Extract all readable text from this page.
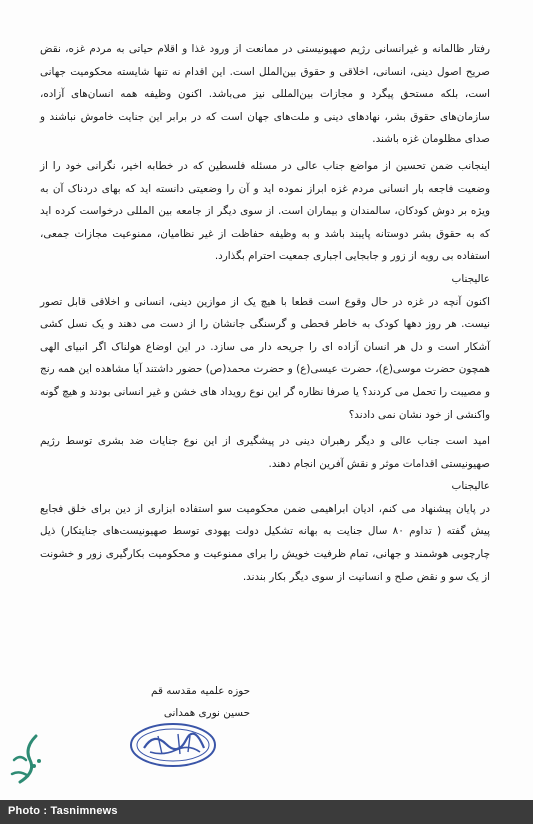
رفتار ظالمانه و غیرانسانی رژیم صهیونیستی در ممانعت از ورود غذا و اقلام حیاتی به مردم غزه، نقض صریح اصول دینی، انسانی، اخلاقی و حقوق بین‌الملل است. این اقدام نه تنها شایسته محکومیت جهانی است، بلکه مستحق پیگرد و مجازات بین‌المللی نیز می‌باشد. اکنون وظیفه همه انسان‌های آزاده، سازمان‌های حقوق بشر، نهادهای دینی و ملت‌های جهان است که در برابر این جنایت خاموش نباشند و صدای مظلومان غزه باشند.

اینجانب ضمن تحسین از مواضع جناب عالی در مسئله فلسطین که در خطابه اخیر، نگرانی خود را از وضعیت فاجعه بار انسانی مردم غزه ابراز نموده اید و آن را وضعیتی دانسته اید که بهای دردناک آن به ویژه بر دوش کودکان، سالمندان و بیماران است. از سوی دیگر از جامعه بین المللی درخواست کرده اید که به حقوق بشر دوستانه پایبند باشد و به وظیفه حفاظت از غیر نظامیان، ممنوعیت مجازات جمعی، استفاده بی رویه از زور و جابجایی اجباری جمعیت احترام بگذارد.

عالیجناب

اکنون آنچه در غزه در حال وقوع است قطعا با هیچ یک از موازین دینی، انسانی و اخلاقی قابل تصور نیست. هر روز دهها کودک به خاطر قحطی و گرسنگی جانشان را از دست می دهند و یک نسل کشی آشکار است و دل هر انسان آزاده ای را جریحه دار می سازد. در این اوضاع هولناک اگر انبیای الهی همچون حضرت موسی(ع)، حضرت عیسی(ع) و حضرت محمد(ص) حضور داشتند آیا مشاهده این همه رنج و مصیبت را تحمل می کردند؟ یا صرفا نظاره گر این نوع رویداد های خشن و غیر انسانی بودند و هیچ گونه واکنشی از خود نشان نمی دادند؟

امید است جناب عالی و دیگر رهبران دینی در پیشگیری از این نوع جنایات ضد بشری توسط رژیم صهیونیستی اقدامات موثر و نقش آفرین انجام دهند.

عالیجناب

در پایان پیشنهاد می کنم، ادیان ابراهیمی ضمن محکومیت سو استفاده ابزاری از دین برای خلق فجایع پیش گفته ( تداوم ۸۰ سال جنایت به بهانه تشکیل دولت یهودی توسط صهیونیست‌های جنایتکار) ذیل چارچوبی هوشمند و جهانی، تمام ظرفیت خویش را برای ممنوعیت و محکومیت بکارگیری زور و خشونت از یک سو و نقض صلح و انسانیت از سوی دیگر بکار بندند.

حوزه علمیه مقدسه قم
حسین نوری همدانی
Photo : Tasnimnews
